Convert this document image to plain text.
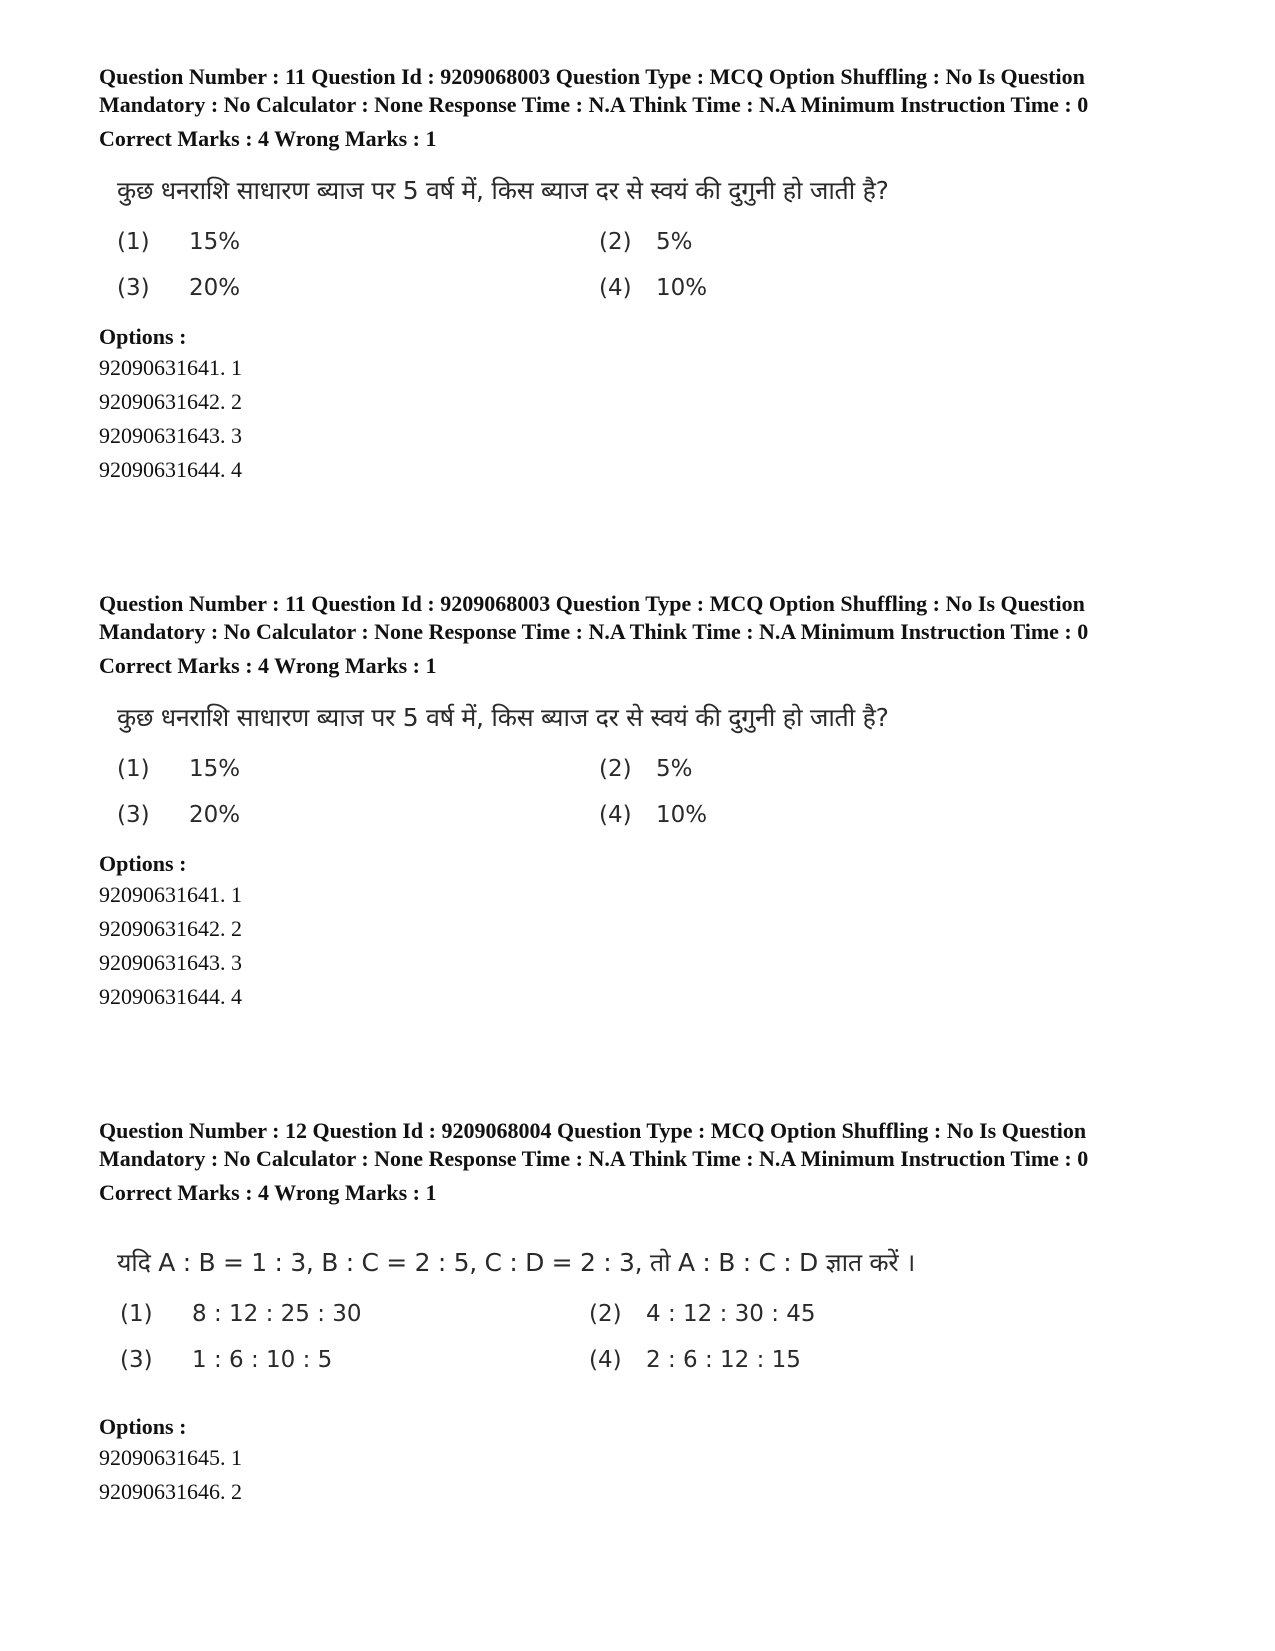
Question Number : 11 Question Id : 9209068003 Question Type : MCQ Option Shuffling : No Is Question Mandatory : No Calculator : None Response Time : N.A Think Time : N.A Minimum Instruction Time : 0
Correct Marks : 4 Wrong Marks : 1
कुछ धनराशि साधारण ब्याज पर 5 वर्ष में, किस ब्याज दर से स्वयं की दुगुनी हो जाती है?
(1) 15%	(2) 5%
(3) 20%	(4) 10%
Options :
92090631641. 1
92090631642. 2
92090631643. 3
92090631644. 4
Question Number : 11 Question Id : 9209068003 Question Type : MCQ Option Shuffling : No Is Question Mandatory : No Calculator : None Response Time : N.A Think Time : N.A Minimum Instruction Time : 0
Correct Marks : 4 Wrong Marks : 1
कुछ धनराशि साधारण ब्याज पर 5 वर्ष में, किस ब्याज दर से स्वयं की दुगुनी हो जाती है?
(1) 15%	(2) 5%
(3) 20%	(4) 10%
Options :
92090631641. 1
92090631642. 2
92090631643. 3
92090631644. 4
Question Number : 12 Question Id : 9209068004 Question Type : MCQ Option Shuffling : No Is Question Mandatory : No Calculator : None Response Time : N.A Think Time : N.A Minimum Instruction Time : 0
Correct Marks : 4 Wrong Marks : 1
यदि A : B = 1 : 3, B : C = 2 : 5, C : D = 2 : 3, तो A : B : C : D ज्ञात करें ।
(1) 8 : 12 : 25 : 30	(2) 4 : 12 : 30 : 45
(3) 1 : 6 : 10 : 5	(4) 2 : 6 : 12 : 15
Options :
92090631645. 1
92090631646. 2
